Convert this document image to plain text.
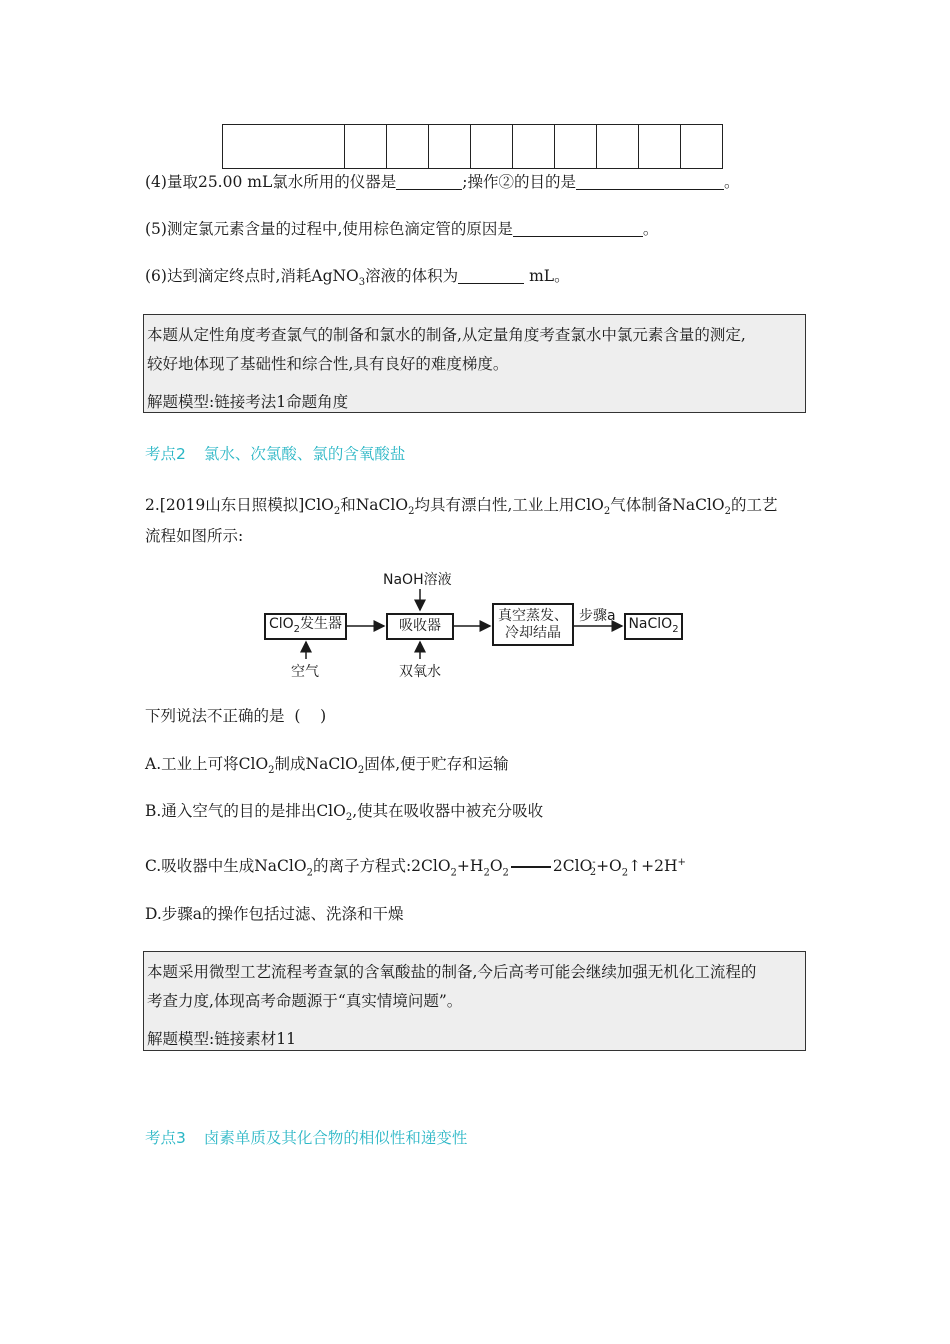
(4)量取25.00 mL氯水所用的仪器是	;操作②的目的是	。
(5)测定氯元素含量的过程中,使用棕色滴定管的原因是	。
(6)达到滴定终点时,消耗AgNO$_3$溶液的体积为	mL。
本题从定性角度考查氯气的制备和氯水的制备,从定量角度考查氯水中氯元素含量的测定,
较好地体现了基础性和综合性,具有良好的难度梯度。
解题模型:链接考法1命题角度
考点2 氯水、次氯酸、氯的含氧酸盐
2.[2019山东日照模拟]ClO$_2$和NaClO$_2$均具有漂白性,工业上用ClO$_2$气体制备NaClO$_2$的工艺
流程如图所示:
NaOH溶液
ClO$_2$发生器	吸收器
真空蒸发、
冷却结晶
步骤a NaClO$_2$
空气	双氧水
下列说法不正确的是  (    )
A.工业上可将ClO$_2$制成NaClO$_2$固体,便于贮存和运输
B.通入空气的目的是排出ClO$_2$,使其在吸收器中被充分吸收
C.吸收器中生成NaClO$_2$的离子方程式$:2ClO_2+H_2O_2$	$2ClO^-_2+O_2↑+2H^+$
D.步骤a的操作包括过滤、洗涤和干燥
本题采用微型工艺流程考查氯的含氧酸盐的制备,今后高考可能会继续加强无机化工流程的
考查力度,体现高考命题源于“真实情境问题”。
解题模型:链接素材11
考点3 卤素单质及其化合物的相似性和递变性
